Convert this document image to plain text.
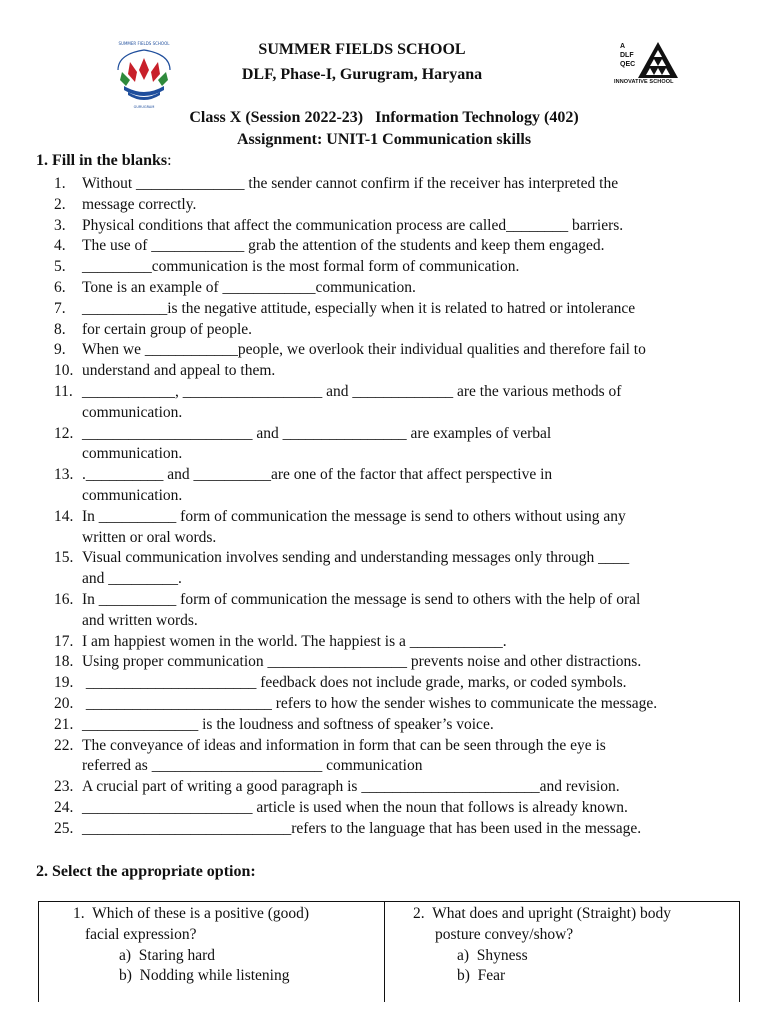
SUMMER FIELDS SCHOOL
GURUGRAM
A
DLF
QEC
INNOVATIVE SCHOOL
SUMMER FIELDS SCHOOL
DLF, Phase-I, Gurugram, Haryana
Class X (Session 2022-23)   Information Technology (402)
Assignment: UNIT-1 Communication skills
1. Fill in the blanks:
1. Without ______________ the sender cannot confirm if the receiver has interpreted the
2. message correctly.
3. Physical conditions that affect the communication process are called________ barriers.
4. The use of ____________ grab the attention of the students and keep them engaged.
5. _________communication is the most formal form of communication.
6. Tone is an example of ____________communication.
7. ___________is the negative attitude, especially when it is related to hatred or intolerance
8. for certain group of people.
9. When we ____________people, we overlook their individual qualities and therefore fail to
10. understand and appeal to them.
11. ____________, __________________ and _____________ are the various methods of
communication.
12. ______________________ and ________________ are examples of verbal
communication.
13. .__________ and __________are one of the factor that affect perspective in
communication.
14. In __________ form of communication the message is send to others without using any
written or oral words.
15. Visual communication involves sending and understanding messages only through ____
and _________.
16. In __________ form of communication the message is send to others with the help of oral
and written words.
17. I am happiest women in the world. The happiest is a ____________.
18. Using proper communication __________________ prevents noise and other distractions.
19. ______________________ feedback does not include grade, marks, or coded symbols.
20. ________________________ refers to how the sender wishes to communicate the message.
21. _______________ is the loudness and softness of speaker’s voice.
22. The conveyance of ideas and information in form that can be seen through the eye is
referred as ______________________ communication
23. A crucial part of writing a good paragraph is _______________________and revision.
24. ______________________ article is used when the noun that follows is already known.
25. ___________________________refers to the language that has been used in the message.
2. Select the appropriate option:
1.  Which of these is a positive (good)
facial expression?
a)  Staring hard
b)  Nodding while listening
2.  What does and upright (Straight) body
posture convey/show?
a)  Shyness
b)  Fear
